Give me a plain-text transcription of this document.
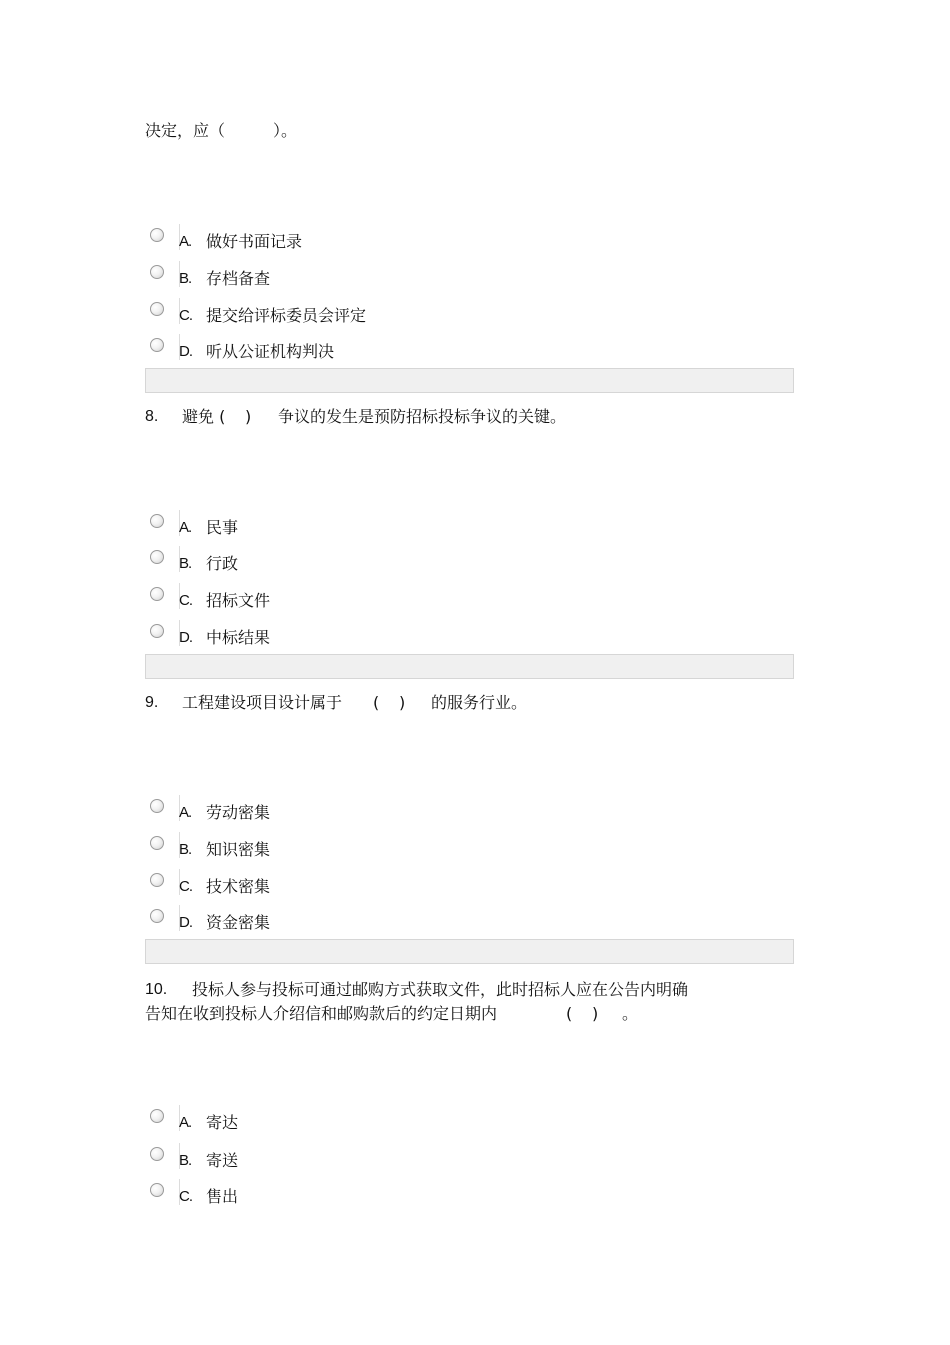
决定，应（　　　）。
A. 做好书面记录
B. 存档备查
C. 提交给评标委员会评定
D. 听从公证机构判决
8. 避免 ( ) 争议的发生是预防招标投标争议的关键。
A. 民事
B. 行政
C. 招标文件
D. 中标结果
9. 工程建设项目设计属于 ( ) 的服务行业。
A. 劳动密集
B. 知识密集
C. 技术密集
D. 资金密集
10. 投标人参与投标可通过邮购方式获取文件，此时招标人应在公告内明确
告知在收到投标人介绍信和邮购款后的约定日期内	( ) 。
A. 寄达
B. 寄送
C. 售出
